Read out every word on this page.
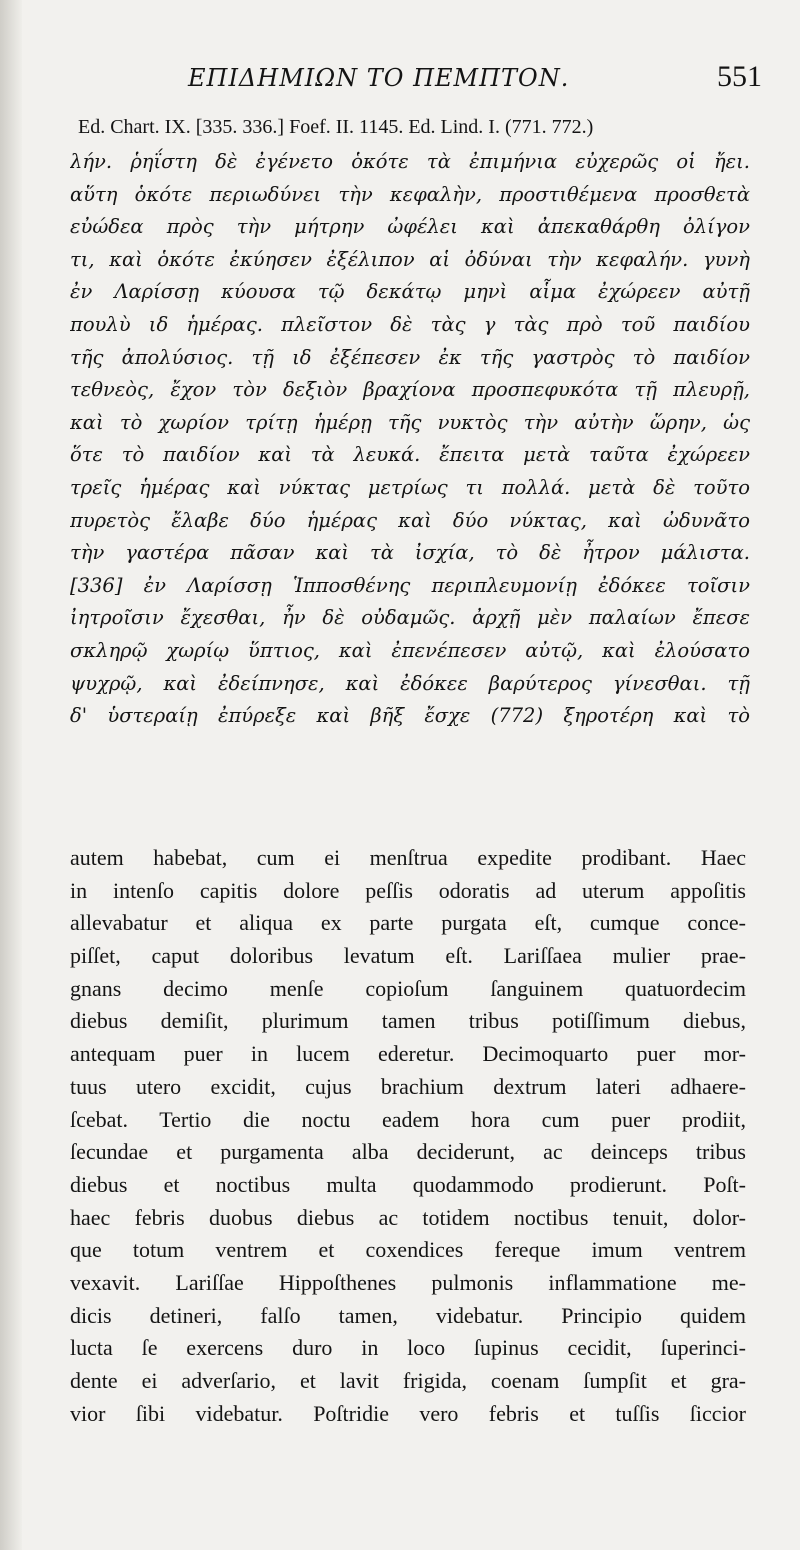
ΕΠΙΔΗΜΙΩΝ ΤΟ ΠΕΜΠΤΟΝ.	551
Ed. Chart. IX. [335. 336.] Foef. II. 1145. Ed. Lind. I. (771. 772.)
λήν. ῥηΐστη δὲ ἐγένετο ὁκότε τὰ ἐπιμήνια εὐχερῶς οἱ ἤει.
αὕτη ὁκότε περιωδύνει τὴν κεφαλὴν, προστιθέμενα προσθετὰ
εὐώδεα πρὸς τὴν μήτρην ὠφέλει καὶ ἀπεκαθάρθη ὀλίγον
τι, καὶ ὁκότε ἐκύησεν ἐξέλιπον αἱ ὀδύναι τὴν κεφαλήν. γυνὴ
ἐν Λαρίσσῃ κύουσα τῷ δεκάτῳ μηνὶ αἷμα ἐχώρεεν αὐτῇ
πουλὺ ιδ ἡμέρας. πλεῖστον δὲ τὰς γ τὰς πρὸ τοῦ παιδίου
τῆς ἀπολύσιος. τῇ ιδ ἐξέπεσεν ἐκ τῆς γαστρὸς τὸ παιδίον
τεθνεὸς, ἔχον τὸν δεξιὸν βραχίονα προσπεφυκότα τῇ πλευρῇ,
καὶ τὸ χωρίον τρίτῃ ἡμέρῃ τῆς νυκτὸς τὴν αὐτὴν ὥρην, ὡς
ὅτε τὸ παιδίον καὶ τὰ λευκά. ἔπειτα μετὰ ταῦτα ἐχώρεεν
τρεῖς ἡμέρας καὶ νύκτας μετρίως τι πολλά. μετὰ δὲ τοῦτο
πυρετὸς ἔλαβε δύο ἡμέρας καὶ δύο νύκτας, καὶ ὠδυνᾶτο
τὴν γαστέρα πᾶσαν καὶ τὰ ἰσχία, τὸ δὲ ἦτρον μάλιστα.
[336] ἐν Λαρίσσῃ Ἱπποσθένης περιπλευμονίῃ ἐδόκεε τοῖσιν
ἰητροῖσιν ἔχεσθαι, ἦν δὲ οὐδαμῶς. ἀρχῇ μὲν παλαίων ἔπεσε
σκληρῷ χωρίῳ ὕπτιος, καὶ ἐπενέπεσεν αὐτῷ, καὶ ἐλούσατο
ψυχρῷ, καὶ ἐδείπνησε, καὶ ἐδόκεε βαρύτερος γίνεσθαι. τῇ
δ' ὑστεραίῃ ἐπύρεξε καὶ βῆξ ἔσχε (772) ξηροτέρη καὶ τὸ
autem habebat, cum ei menſtrua expedite prodibant. Haec
in intenſo capitis dolore peſſis odoratis ad uterum appoſitis
allevabatur et aliqua ex parte purgata eſt, cumque conce-
piſſet, caput doloribus levatum eſt. Lariſſaea mulier prae-
gnans decimo menſe copioſum ſanguinem quatuordecim
diebus demiſit, plurimum tamen tribus potiſſimum diebus,
antequam puer in lucem ederetur. Decimoquarto puer mor-
tuus utero excidit, cujus brachium dextrum lateri adhaere-
ſcebat. Tertio die noctu eadem hora cum puer prodiit,
ſecundae et purgamenta alba deciderunt, ac deinceps tribus
diebus et noctibus multa quodammodo prodierunt. Poſt-
haec febris duobus diebus ac totidem noctibus tenuit, dolor-
que totum ventrem et coxendices fereque imum ventrem
vexavit. Lariſſae Hippoſthenes pulmonis inflammatione me-
dicis detineri, falſo tamen, videbatur. Principio quidem
lucta ſe exercens duro in loco ſupinus cecidit, ſuperinci-
dente ei adverſario, et lavit frigida, coenam ſumpſit et gra-
vior ſibi videbatur. Poſtridie vero febris et tuſſis ſiccior
